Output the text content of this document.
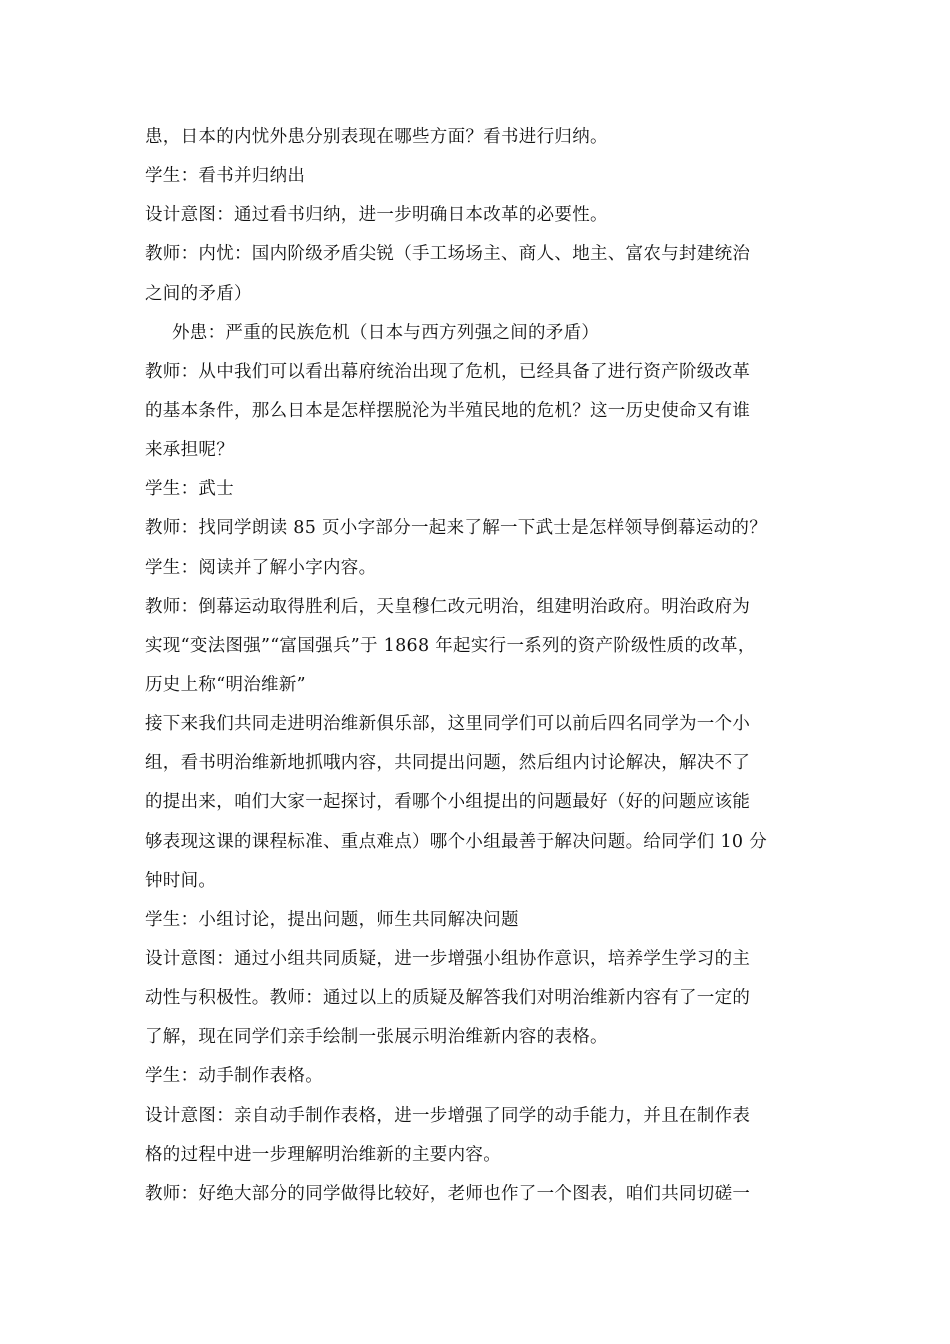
患，日本的内忧外患分别表现在哪些方面？看书进行归纳。
学生：看书并归纳出
设计意图：通过看书归纳，进一步明确日本改革的必要性。
教师：内忧：国内阶级矛盾尖锐（手工场场主、商人、地主、富农与封建统治
之间的矛盾）
外患：严重的民族危机（日本与西方列强之间的矛盾）
教师：从中我们可以看出幕府统治出现了危机，已经具备了进行资产阶级改革
的基本条件，那么日本是怎样摆脱沦为半殖民地的危机？这一历史使命又有谁
来承担呢？
学生：武士
教师：找同学朗读 85 页小字部分一起来了解一下武士是怎样领导倒幕运动的？
学生：阅读并了解小字内容。
教师：倒幕运动取得胜利后，天皇穆仁改元明治，组建明治政府。明治政府为
实现“变法图强”“富国强兵”于 1868 年起实行一系列的资产阶级性质的改革，
历史上称“明治维新”
接下来我们共同走进明治维新俱乐部，这里同学们可以前后四名同学为一个小
组，看书明治维新地抓哦内容，共同提出问题，然后组内讨论解决，解决不了
的提出来，咱们大家一起探讨，看哪个小组提出的问题最好（好的问题应该能
够表现这课的课程标准、重点难点）哪个小组最善于解决问题。给同学们 10 分
钟时间。
学生：小组讨论，提出问题，师生共同解决问题
设计意图：通过小组共同质疑，进一步增强小组协作意识，培养学生学习的主
动性与积极性。教师：通过以上的质疑及解答我们对明治维新内容有了一定的
了解，现在同学们亲手绘制一张展示明治维新内容的表格。
学生：动手制作表格。
设计意图：亲自动手制作表格，进一步增强了同学的动手能力，并且在制作表
格的过程中进一步理解明治维新的主要内容。
教师：好绝大部分的同学做得比较好，老师也作了一个图表，咱们共同切磋一
